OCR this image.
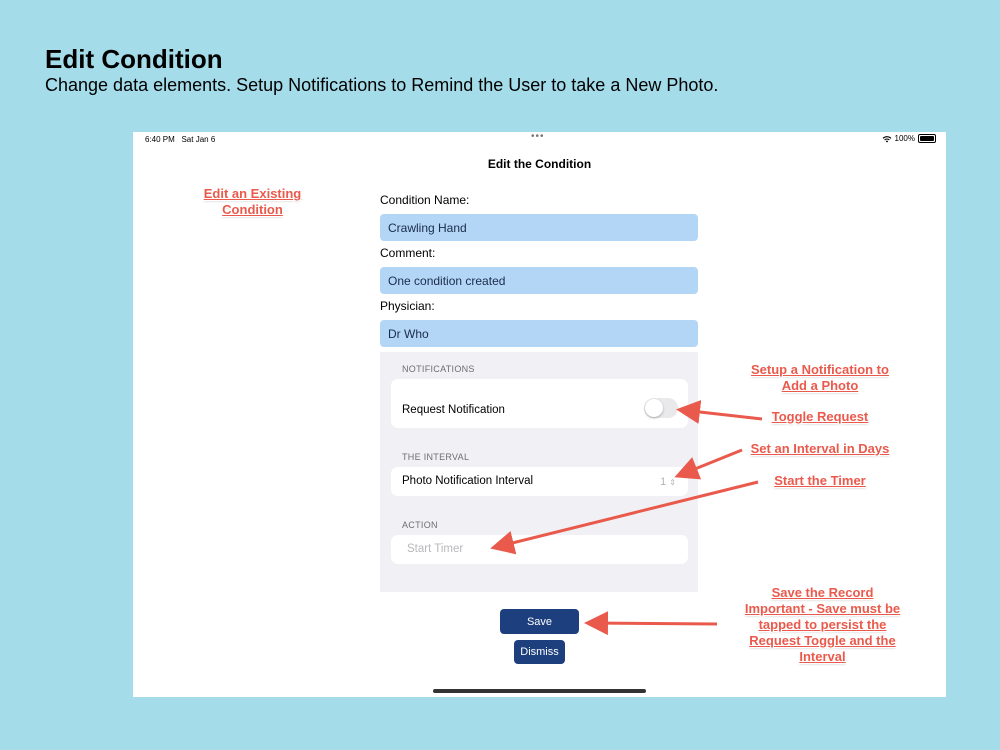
Edit Condition
Change data elements. Setup Notifications to Remind the User to take a New Photo.
6:40 PM   Sat Jan 6	•••	100%
Edit the Condition
Condition Name:
Crawling Hand
Comment:
One condition created
Physician:
Dr Who
NOTIFICATIONS
Request Notification
THE INTERVAL
Photo Notification Interval	1 ⇕
ACTION
Start Timer
Save
Dismiss
Edit an Existing
Condition
Setup a Notification to
Add a Photo
Toggle Request
Set an Interval in Days
Start the Timer
Save the Record
Important - Save must be
tapped to persist the
Request Toggle and the
Interval
